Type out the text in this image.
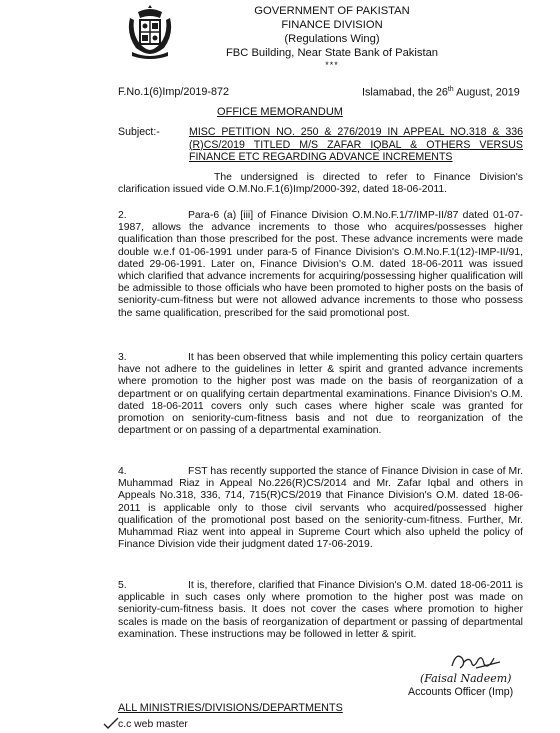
GOVERNMENT OF PAKISTAN
FINANCE DIVISION
(Regulations Wing)
FBC Building, Near State Bank of Pakistan
***
F.No.1(6)Imp/2019-872	Islamabad, the 26th August, 2019
OFFICE MEMORANDUM
Subject:-	MISC PETITION NO. 250 & 276/2019 IN APPEAL NO.318 & 336 (R)CS/2019 TITLED M/S ZAFAR IQBAL & OTHERS VERSUS FINANCE ETC REGARDING ADVANCE INCREMENTS

The undersigned is directed to refer to Finance Division's clarification issued vide O.M.No.F.1(6)Imp/2000-392, dated 18-06-2011.

2.	Para-6 (a) [iii] of Finance Division O.M.No.F.1/7/IMP-II/87 dated 01-07-1987, allows the advance increments to those who acquires/possesses higher qualification than those prescribed for the post. These advance increments were made double w.e.f 01-06-1991 under para-5 of Finance Division's O.M.No.F.1(12)-IMP-II/91, dated 29-06-1991. Later on, Finance Division's O.M. dated 18-06-2011 was issued which clarified that advance increments for acquiring/possessing higher qualification will be admissible to those officials who have been promoted to higher posts on the basis of seniority-cum-fitness but were not allowed advance increments to those who possess the same qualification, prescribed for the said promotional post.

3.	It has been observed that while implementing this policy certain quarters have not adhere to the guidelines in letter & spirit and granted advance increments where promotion to the higher post was made on the basis of reorganization of a department or on qualifying certain departmental examinations. Finance Division's O.M. dated 18-06-2011 covers only such cases where higher scale was granted for promotion on seniority-cum-fitness basis and not due to reorganization of the department or on passing of a departmental examination.

4.	FST has recently supported the stance of Finance Division in case of Mr. Muhammad Riaz in Appeal No.226(R)CS/2014 and Mr. Zafar Iqbal and others in Appeals No.318, 336, 714, 715(R)CS/2019 that Finance Division's O.M. dated 18-06-2011 is applicable only to those civil servants who acquired/possessed higher qualification of the promotional post based on the seniority-cum-fitness. Further, Mr. Muhammad Riaz went into appeal in Supreme Court which also upheld the policy of Finance Division vide their judgment dated 17-06-2019.

5.	It is, therefore, clarified that Finance Division's O.M. dated 18-06-2011 is applicable in such cases only where promotion to the higher post was made on seniority-cum-fitness basis. It does not cover the cases where promotion to higher scales is made on the basis of reorganization of department or passing of departmental examination. These instructions may be followed in letter & spirit.

(Faisal Nadeem)
Accounts Officer (Imp)
ALL MINISTRIES/DIVISIONS/DEPARTMENTS
c.c web master
